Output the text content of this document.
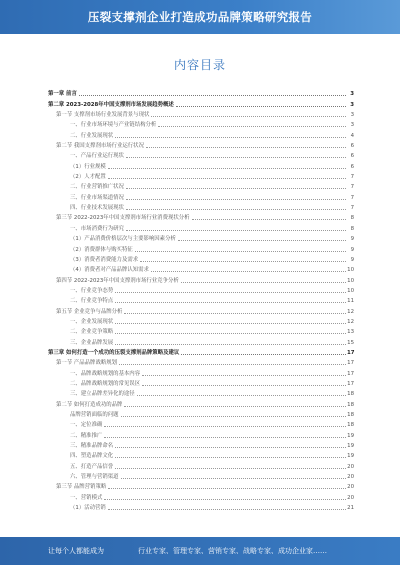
压裂支撑剂企业打造成功品牌策略研究报告
内容目录
第一章 前言	3
第二章 2023-2028年中国支撑剂市场发展趋势概述	3
第一节 支撑剂市场行业发展背景与现状	3
一、行业市场环境与产业链结构分析	3
二、行业发展现状	4
第二节 我国支撑剂市场行业运行状况	6
一、产品行业运行现状	6
（1）行业规模	6
（2）人才配置	7
二、行业营销推广状况	7
三、行业市场渠道情况	7
四、行业技术发展现状	7
第三节 2022-2023年中国支撑剂市场行业消费现状分析	8
一、市场消费行为研究	8
（1）产品消费价格层次与主要影响因素分析	9
（2）消费群体与购买特征	9
（3）消费者消费能力及需求	9
（4）消费者对产品品牌认知需求	10
第四节 2022-2023年中国支撑剂市场行业竞争分析	10
一、行业竞争态势	10
二、行业竞争特点	11
第五节 企业竞争与品牌分析	12
一、企业发展现状	12
二、企业竞争策略	13
三、企业品牌发展	15
第三章 如何打造一个成功的压裂支撑剂品牌策略及建议	17
第一节 产品品牌战略规划	17
一、品牌战略规划的基本内容	17
二、品牌战略规划的常见误区	17
三、建立品牌差异化的途径	18
第二节 如何打造成功的品牌	18
品牌营销面临的问题	18
一、定位准确	18
二、精准推广	19
三、精准品牌命名	19
四、塑造品牌文化	19
五、打造产品信誉	20
六、管理与营销渠道	20
第三节 品牌营销策略	20
一、营销模式	20
（1）活动营销	21
让每个人都能成为	行业专家、管理专家、营销专家、战略专家、成功企业家……
